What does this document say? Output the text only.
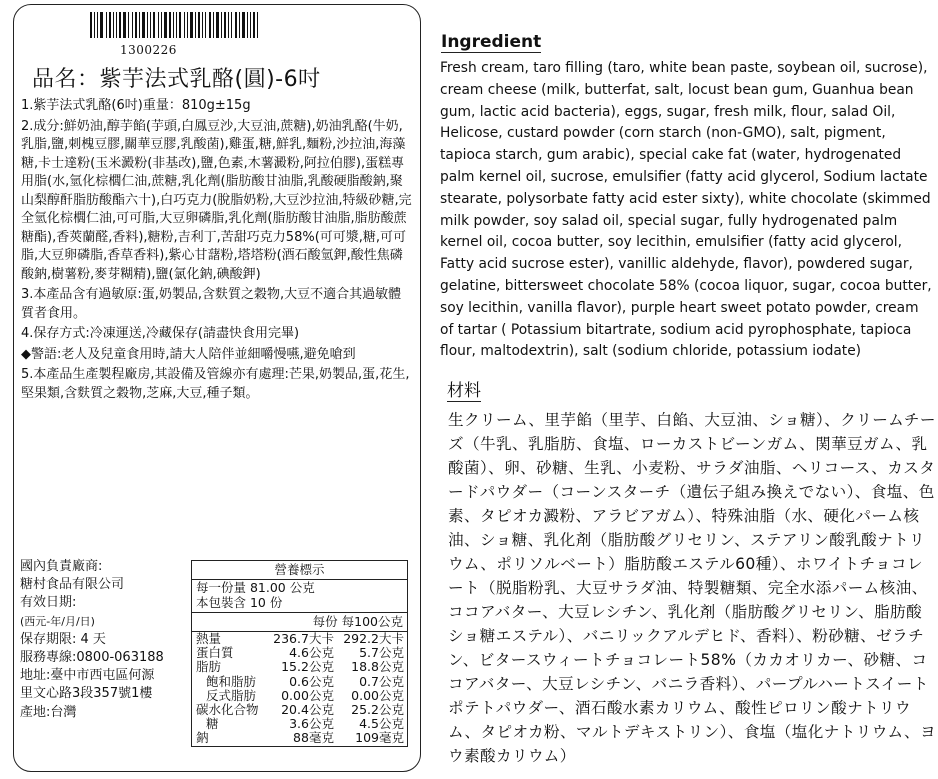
1300226
品名：紫芋法式乳酪(圓)-6吋

1.紫芋法式乳酪(6吋)重量：810g±15g

2.成分:鮮奶油,醇芋餡(芋頭,白鳳豆沙,大豆油,蔗糖),奶油乳酪(牛奶,乳脂,鹽,刺槐豆膠,關華豆膠,乳酸菌),雞蛋,糖,鮮乳,麵粉,沙拉油,海藻糖,卡士達粉(玉米澱粉(非基改),鹽,色素,木薯澱粉,阿拉伯膠),蛋糕專用脂(水,氫化棕櫚仁油,蔗糖,乳化劑(脂肪酸甘油脂,乳酸硬脂酸鈉,聚山梨醇酐脂肪酸酯六十),白巧克力(脫脂奶粉,大豆沙拉油,特級砂糖,完全氫化棕櫚仁油,可可脂,大豆卵磷脂,乳化劑(脂肪酸甘油脂,脂肪酸蔗糖酯),香莢蘭醛,香料),糖粉,吉利丁,苦甜巧克力58%(可可漿,糖,可可脂,大豆卵磷脂,香草香料),紫心甘藷粉,塔塔粉(酒石酸氫鉀,酸性焦磷酸鈉,樹薯粉,麥芽糊精),鹽(氯化鈉,碘酸鉀)

3.本產品含有過敏原:蛋,奶製品,含麩質之穀物,大豆不適合其過敏體質者食用。

4.保存方式:冷凍運送,冷藏保存(請盡快食用完畢)

◆警語:老人及兒童食用時,請大人陪伴並細嚼慢嚥,避免嗆到

5.本產品生產製程廠房,其設備及管線亦有處理:芒果,奶製品,蛋,花生,堅果類,含麩質之穀物,芝麻,大豆,種子類。

國內負責廠商:
糖村食品有限公司
有效日期:
(西元-年/月/日)
保存期限: 4 天
服務專線:0800-063188
地址:臺中市西屯區何源
里文心路3段357號1樓
產地:台灣
營養標示
每一份量 81.00 公克
本包裝含 10 份
每份 每100公克
熱量	236.7大卡	292.2大卡
蛋白質	4.6公克	5.7公克
脂肪	15.2公克	18.8公克
飽和脂肪	0.6公克	0.7公克
反式脂肪	0.00公克	0.00公克
碳水化合物	20.4公克	25.2公克
糖	3.6公克	4.5公克
鈉	88毫克	109毫克
Ingredient
Fresh cream, taro filling (taro, white bean paste, soybean oil, sucrose), cream cheese (milk, butterfat, salt, locust bean gum, Guanhua bean gum, lactic acid bacteria), eggs, sugar, fresh milk, flour, salad Oil, Helicose, custard powder (corn starch (non-GMO), salt, pigment, tapioca starch, gum arabic), special cake fat (water, hydrogenated palm kernel oil, sucrose, emulsifier (fatty acid glycerol, Sodium lactate stearate, polysorbate fatty acid ester sixty), white chocolate (skimmed milk powder, soy salad oil, special sugar, fully hydrogenated palm kernel oil, cocoa butter, soy lecithin, emulsifier (fatty acid glycerol, Fatty acid sucrose ester), vanillic aldehyde, flavor), powdered sugar, gelatine, bittersweet chocolate 58% (cocoa liquor, sugar, cocoa butter, soy lecithin, vanilla flavor), purple heart sweet potato powder, cream of tartar ( Potassium bitartrate, sodium acid pyrophosphate, tapioca flour, maltodextrin), salt (sodium chloride, potassium iodate)
材料
生クリーム、里芋餡（里芋、白餡、大豆油、ショ糖）、クリームチーズ（牛乳、乳脂肪、食塩、ローカストビーンガム、関華豆ガム、乳酸菌）、卵、砂糖、生乳、小麦粉、サラダ油脂、ヘリコース、カスタードパウダー（コーンスターチ（遺伝子組み換えでない）、食塩、色素、タピオカ澱粉、アラビアガム）、特殊油脂（水、硬化パーム核油、ショ糖、乳化剤（脂肪酸グリセリン、ステアリン酸乳酸ナトリウム、ポリソルベート）脂肪酸エステル60種）、ホワイトチョコレート（脱脂粉乳、大豆サラダ油、特製糖類、完全水添パーム核油、ココアバター、大豆レシチン、乳化剤（脂肪酸グリセリン、脂肪酸ショ糖エステル）、バニリックアルデヒド、香料）、粉砂糖、ゼラチン、ビタースウィートチョコレート58%（カカオリカー、砂糖、ココアバター、大豆レシチン、バニラ香料）、パープルハートスイートポテトパウダー、酒石酸水素カリウム、酸性ピロリン酸ナトリウム、タピオカ粉、マルトデキストリン）、食塩（塩化ナトリウム、ヨウ素酸カリウム）
